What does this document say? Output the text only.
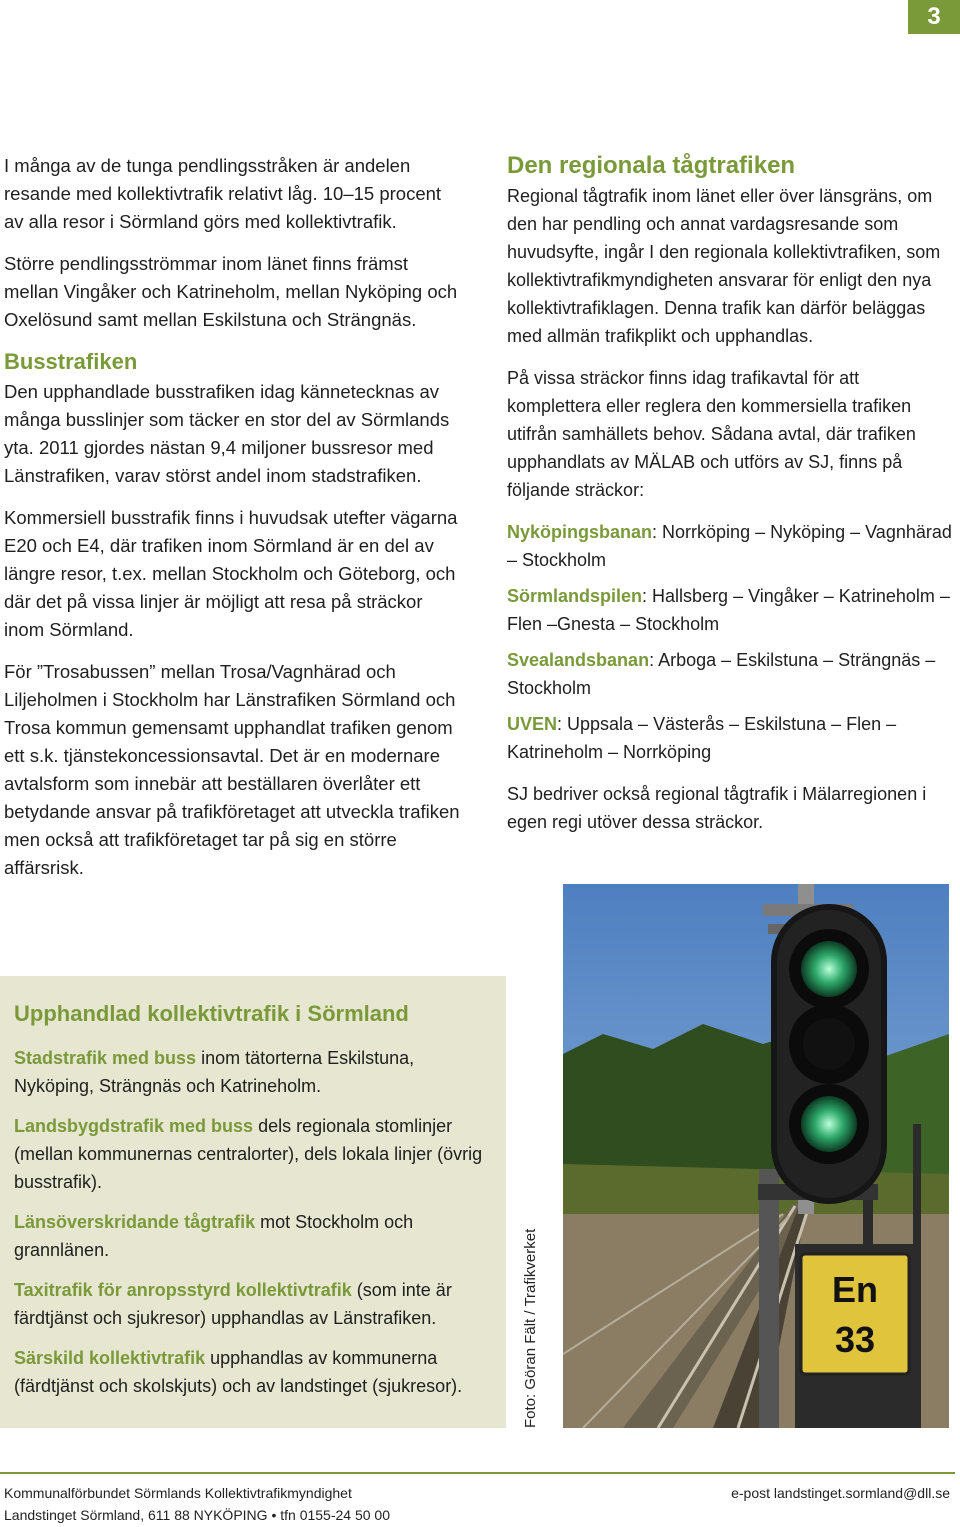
3

I många av de tunga pendlingsstråken är andelen resande med kollektivtrafik relativt låg. 10–15 procent av alla resor i Sörmland görs med kollektivtrafik.

Större pendlingsströmmar inom länet finns främst mellan Vingåker och Katrineholm, mellan Nyköping och Oxelösund samt mellan Eskilstuna och Strängnäs.

Busstrafiken

Den upphandlade busstrafiken idag kännetecknas av många busslinjer som täcker en stor del av Sörmlands yta. 2011 gjordes nästan 9,4 miljoner bussresor med Länstrafiken, varav störst andel inom stadstrafiken.

Kommersiell busstrafik finns i huvudsak utefter vägarna E20 och E4, där trafiken inom Sörmland är en del av längre resor, t.ex. mellan Stockholm och Göteborg, och där det på vissa linjer är möjligt att resa på sträckor inom Sörmland.

För ”Trosabussen” mellan Trosa/Vagnhärad och Liljeholmen i Stockholm har Länstrafiken Sörmland och Trosa kommun gemensamt upphandlat trafiken genom ett s.k. tjänstekoncessionsavtal. Det är en modernare avtalsform som innebär att beställaren överlåter ett betydande ansvar på trafikföretaget att utveckla trafiken men också att trafikföretaget tar på sig en större affärsrisk.

Den regionala tågtrafiken

Regional tågtrafik inom länet eller över länsgräns, om den har pendling och annat vardagsresande som huvudsyfte, ingår I den regionala kollektivtrafiken, som kollektivtrafikmyndigheten ansvarar för enligt den nya kollektivtrafiklagen. Denna trafik kan därför beläggas med allmän trafikplikt och upphandlas.

På vissa sträckor finns idag trafikavtal för att komplettera eller reglera den kommersiella trafiken utifrån samhällets behov. Sådana avtal, där trafiken upphandlats av MÄLAB och utförs av SJ, finns på följande sträckor:

Nyköpingsbanan: Norrköping – Nyköping – Vagnhärad – Stockholm
Sörmlandspilen: Hallsberg – Vingåker – Katrineholm – Flen –Gnesta – Stockholm
Svealandsbanan: Arboga – Eskilstuna – Strängnäs – Stockholm
UVEN: Uppsala – Västerås – Eskilstuna – Flen – Katrineholm – Norrköping

SJ bedriver också regional tågtrafik i Mälarregionen i egen regi utöver dessa sträckor.

Upphandlad kollektivtrafik i Sörmland

Stadstrafik med buss inom tätorterna Eskilstuna, Nyköping, Strängnäs och Katrineholm.

Landsbygdstrafik med buss dels regionala stomlinjer (mellan kommunernas centralorter), dels lokala linjer (övrig busstrafik).

Länsöverskridande tågtrafik mot Stockholm och grannlänen.

Taxitrafik för anropsstyrd kollektivtrafik (som inte är färdtjänst och sjukresor) upphandlas av Länstrafiken.

Särskild kollektivtrafik upphandlas av kommunerna (färdtjänst och skolskjuts) och av landstinget (sjukresor).	Foto: Göran Fält / Trafikverket	En
33
Kommunalförbundet Sörmlands Kollektivtrafikmyndighet
Landstinget Sörmland, 611 88 NYKÖPING • tfn 0155-24 50 00
e-post landstinget.sormland@dll.se
